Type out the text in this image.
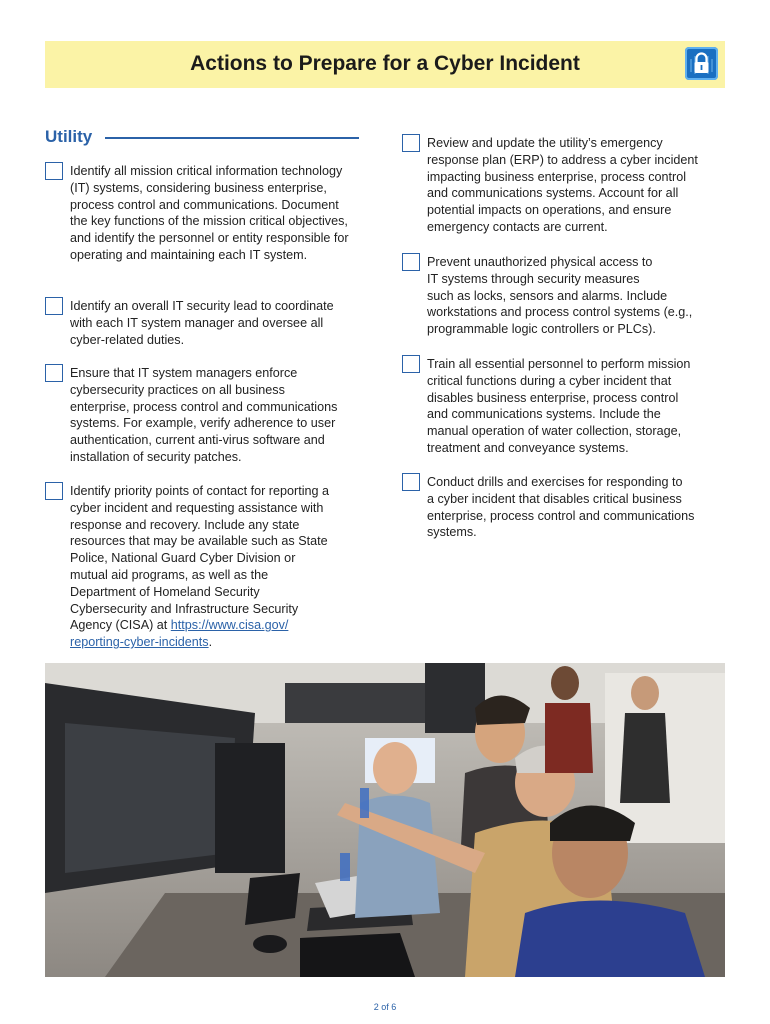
Actions to Prepare for a Cyber Incident
Utility
Identify all mission critical information technology
(IT) systems, considering business enterprise,
process control and communications. Document
the key functions of the mission critical objectives,
and identify the personnel or entity responsible for
operating and maintaining each IT system.
Identify an overall IT security lead to coordinate
with each IT system manager and oversee all
cyber-related duties.
Ensure that IT system managers enforce
cybersecurity practices on all business
enterprise, process control and communications
systems. For example, verify adherence to user
authentication, current anti-virus software and
installation of security patches.
Identify priority points of contact for reporting a
cyber incident and requesting assistance with
response and recovery. Include any state
resources that may be available such as State
Police, National Guard Cyber Division or
mutual aid programs, as well as the
Department of Homeland Security
Cybersecurity and Infrastructure Security
Agency (CISA) at https://www.cisa.gov/
reporting-cyber-incidents.
Review and update the utility’s emergency
response plan (ERP) to address a cyber incident
impacting business enterprise, process control
and communications systems. Account for all
potential impacts on operations, and ensure
emergency contacts are current.
Prevent unauthorized physical access to
IT systems through security measures
such as locks, sensors and alarms. Include
workstations and process control systems (e.g.,
programmable logic controllers or PLCs).
Train all essential personnel to perform mission
critical functions during a cyber incident that
disables business enterprise, process control
and communications systems. Include the
manual operation of water collection, storage,
treatment and conveyance systems.
Conduct drills and exercises for responding to
a cyber incident that disables critical business
enterprise, process control and communications
systems.
2 of 6
